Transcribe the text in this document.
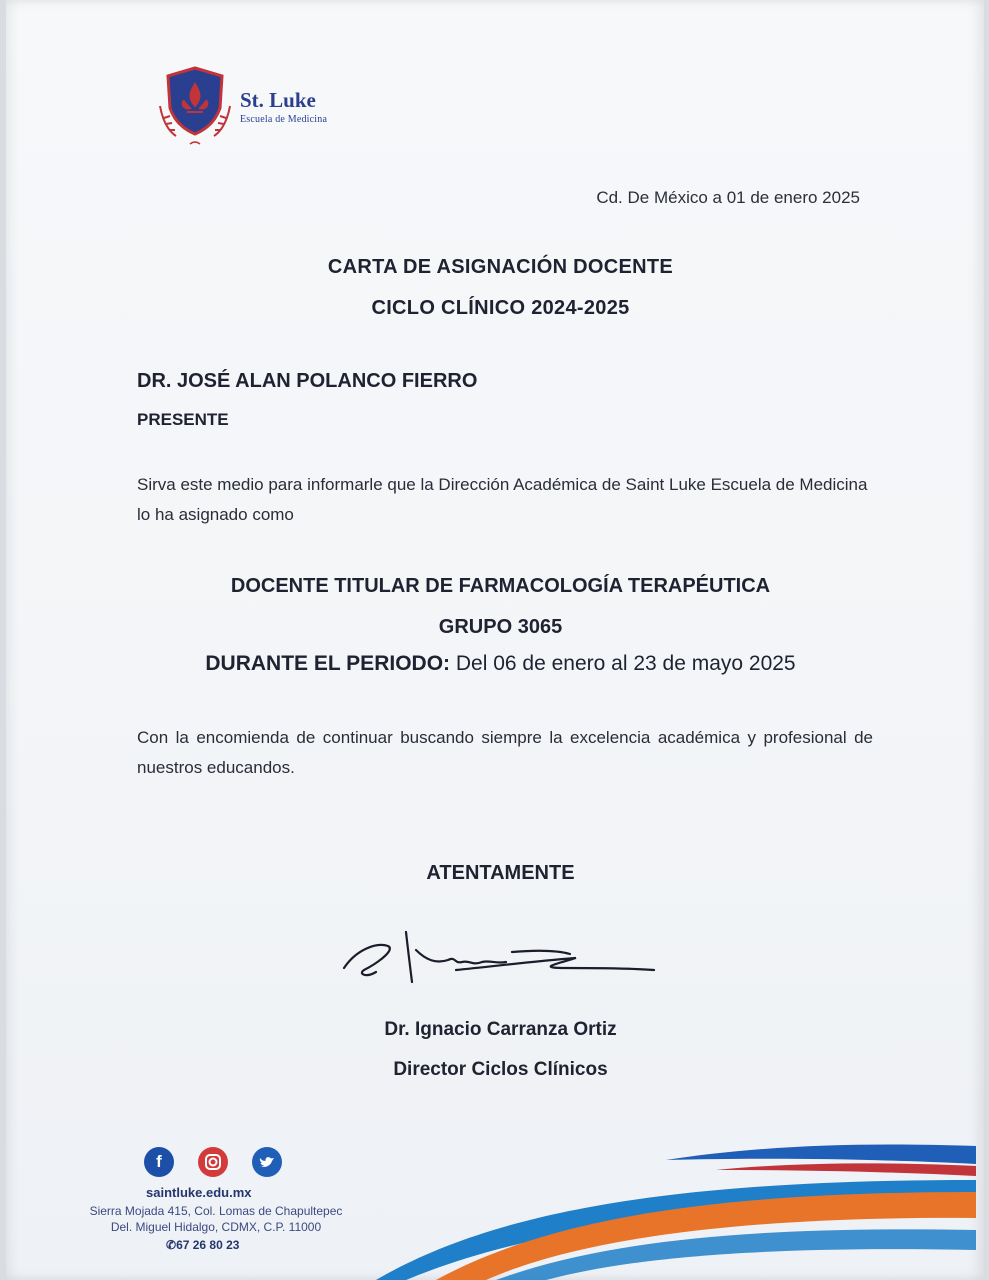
St. Luke
Escuela de Medicina
Cd. De México a 01 de enero 2025
CARTA DE ASIGNACIÓN DOCENTE
CICLO CLÍNICO 2024-2025
DR. JOSÉ ALAN POLANCO FIERRO
PRESENTE
Sirva este medio para informarle que la Dirección Académica de Saint Luke Escuela de Medicina lo ha asignado como
DOCENTE TITULAR DE FARMACOLOGÍA TERAPÉUTICA
GRUPO 3065
DURANTE EL PERIODO: Del 06 de enero al 23 de mayo 2025
Con la encomienda de continuar buscando siempre la excelencia académica y profesional de nuestros educandos.
ATENTAMENTE
Dr. Ignacio Carranza Ortiz
Director Ciclos Clínicos
f
saintluke.edu.mx
Sierra Mojada 415, Col. Lomas de Chapultepec
Del. Miguel Hidalgo, CDMX, C.P. 11000
✆67 26 80 23
